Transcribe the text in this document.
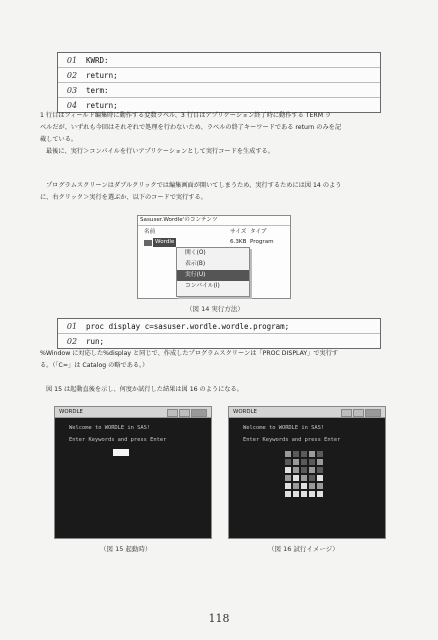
01	KWRD:
02	return;
03	term:
04	return;
1 行目はフィールド編集時に動作する変数ラベル、3 行目はアプリケーション終了時に動作する TERM ラ
ベルだが、いずれも今回はそれぞれで処理を行わないため、ラベルの終了キーワードである return のみを記
載している。
最後に、実行＞コンパイルを行いアプリケーションとして実行コードを生成する。
プログラムスクリーンはダブルクリックでは編集画面が開いてしまうため、実行するためには図 14 のよう
に、右クリック＞実行を選ぶか、以下のコードで実行する。
Sasuser.Wordle'のコンテンツ
名前	サイズ タイプ
Wordle	6.3KB Program
開く(O)
表示(B)
実行(U)
コンパイル(I)
（図 14 実行方法）
01	proc display c=sasuser.wordle.wordle.program;
02	run;
%Window に対応した%display と同じで、作成したプログラムスクリーンは「PROC DISPLAY」で実行す
る。（「C=」は Catalog の略である。）
図 15 は起動直後を示し、何度か試行した結果は図 16 のようになる。
WORDLE
Welcome to WORDLE in SAS!
Enter Keywords and press Enter
（図 15 起動時）
WORDLE
Welcome to WORDLE in SAS!
Enter Keywords and press Enter
（図 16 試行イメージ）
118
